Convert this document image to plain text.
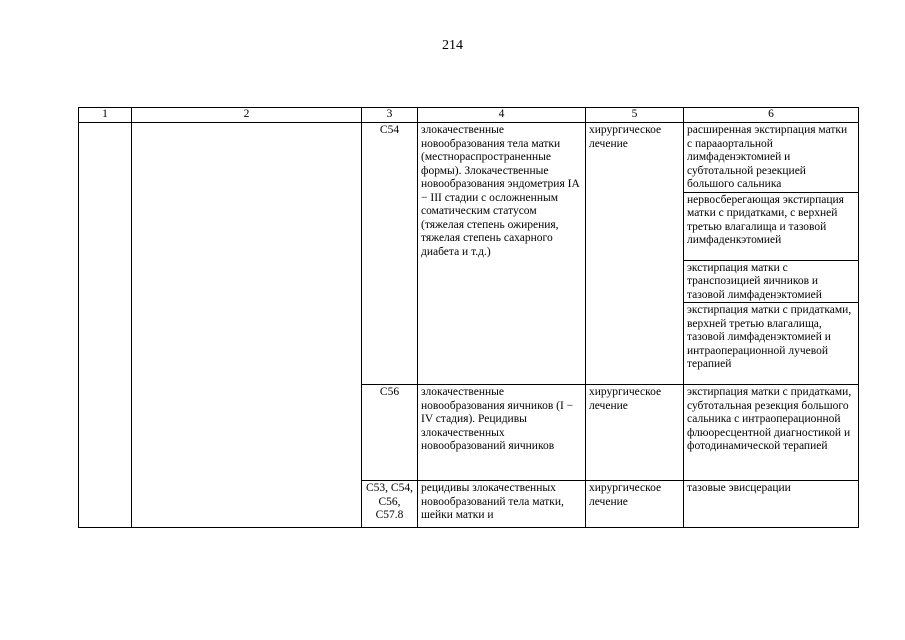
214
1	2	3	4	5	6
		C54	злокачественные новообразования тела матки (местнораспространенные формы). Злокачественные новообразования эндометрия IA − III стадии с осложненным соматическим статусом (тяжелая степень ожирения, тяжелая степень сахарного диабета и т.д.)	хирургическое лечение	расширенная экстирпация матки с парааортальной лимфаденэктомией и субтотальной резекцией большого сальника
					нервосберегающая экстирпация матки с придатками, с верхней третью влагалища и тазовой лимфаденкэтомией
					экстирпация матки с транспозицией яичников и тазовой лимфаденэктомией
					экстирпация матки с придатками, верхней третью влагалища, тазовой лимфаденэктомией и интраоперационной лучевой терапией
		C56	злокачественные новообразования яичников (I − IV стадия). Рецидивы злокачественных новообразований яичников	хирургическое лечение	экстирпация матки с придатками, субтотальная резекция большого сальника с интраоперационной флюоресцентной диагностикой и фотодинамической терапией
		C53, C54, C56, C57.8	рецидивы злокачественных новообразований тела матки, шейки матки и	хирургическое лечение	тазовые эвисцерации
